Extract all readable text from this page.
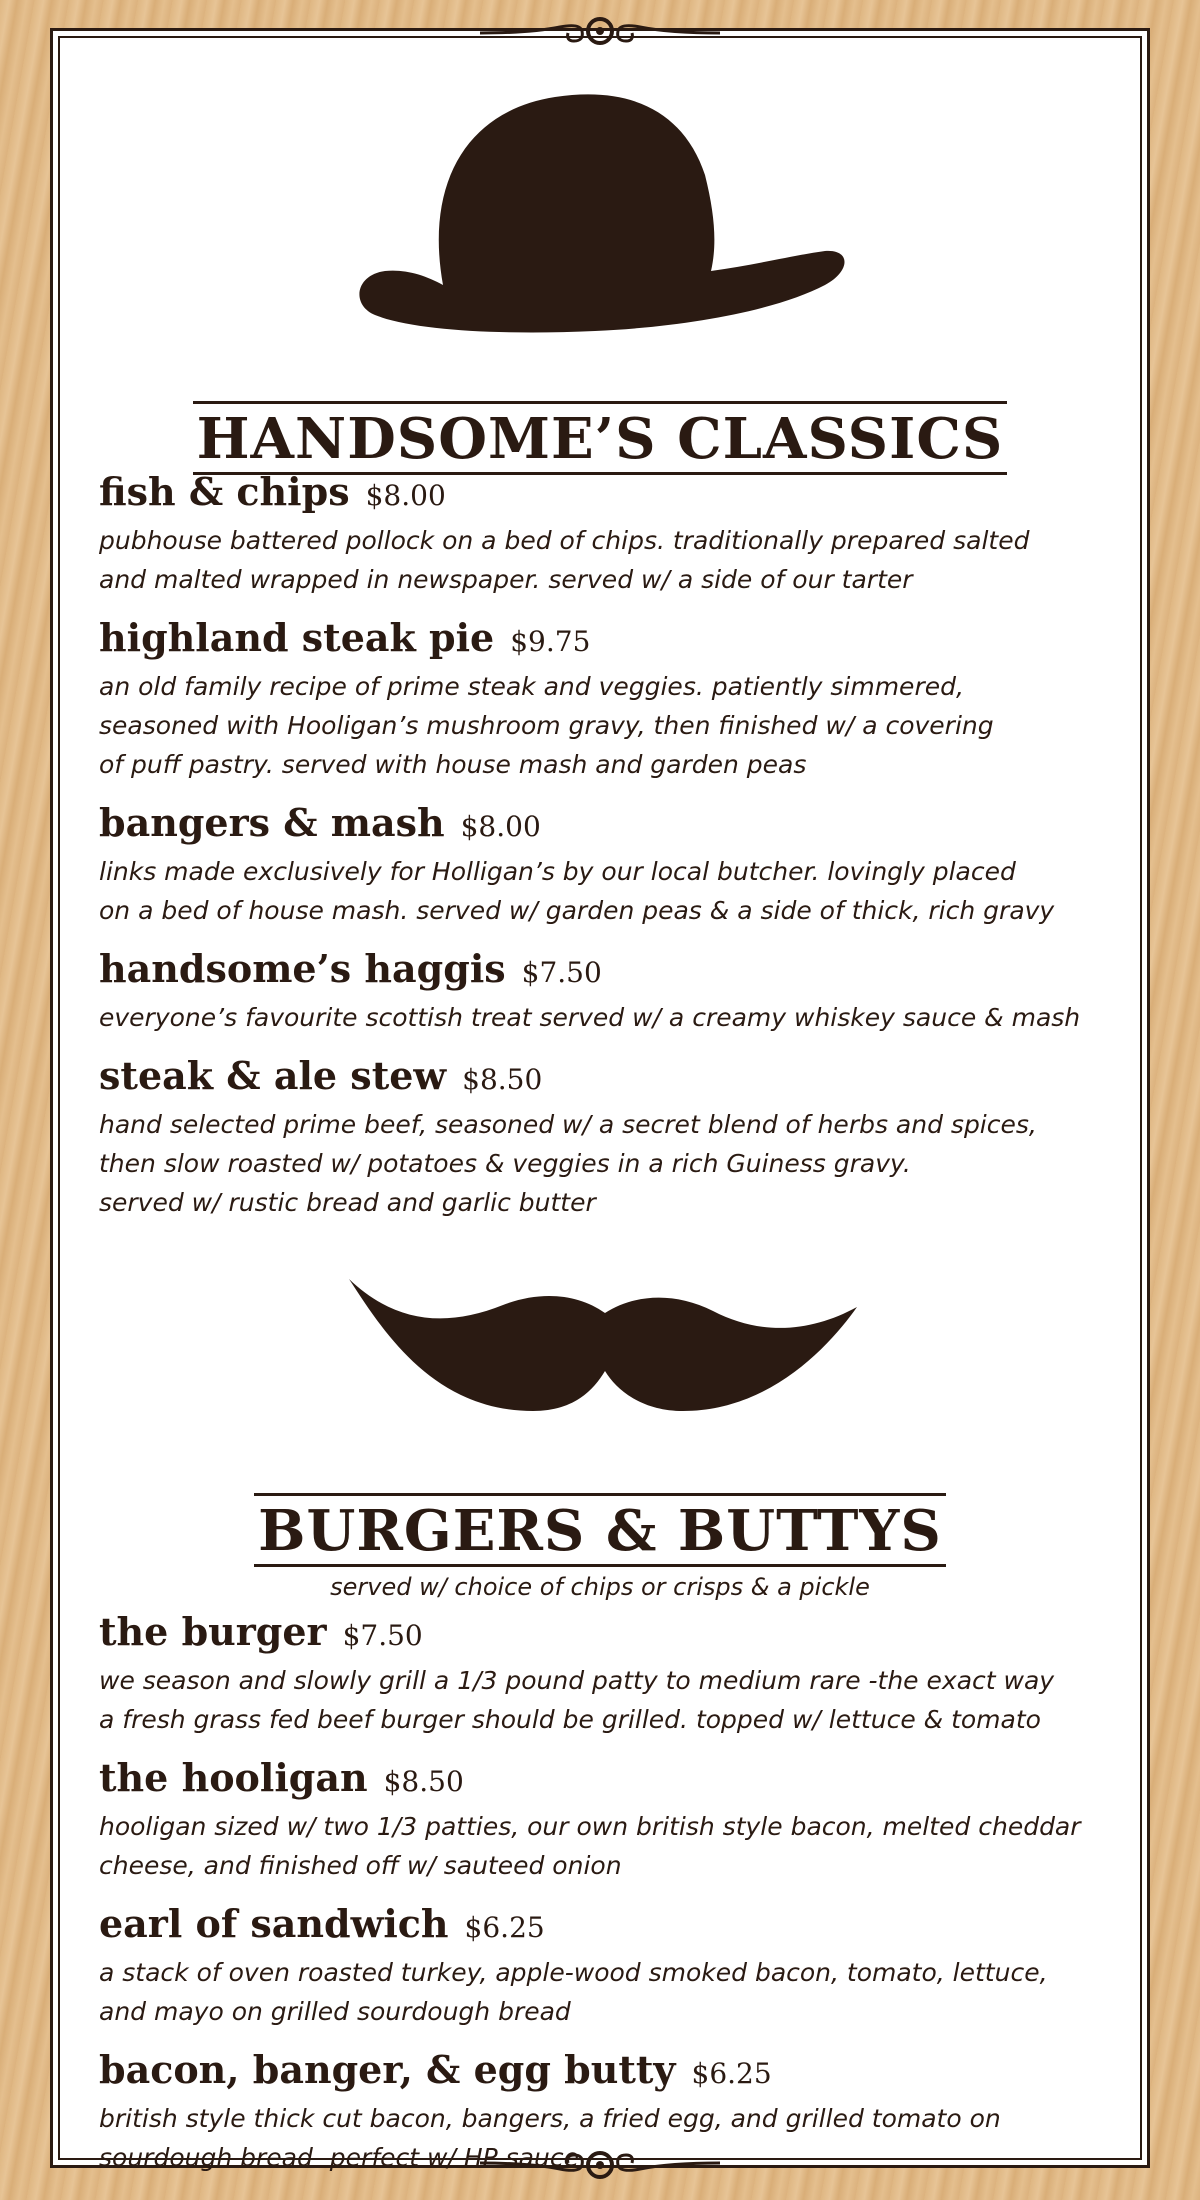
HANDSOME’S CLASSICS
fish & chips $8.00
pubhouse battered pollock on a bed of chips. traditionally prepared salted
and malted wrapped in newspaper. served w/ a side of our tarter
highland steak pie $9.75
an old family recipe of prime steak and veggies. patiently simmered,
seasoned with Hooligan’s mushroom gravy, then finished w/ a covering
of puff pastry. served with house mash and garden peas
bangers & mash $8.00
links made exclusively for Holligan’s by our local butcher. lovingly placed
on a bed of house mash. served w/ garden peas & a side of thick, rich gravy
handsome’s haggis $7.50
everyone’s favourite scottish treat served w/ a creamy whiskey sauce & mash
steak & ale stew $8.50
hand selected prime beef, seasoned w/ a secret blend of herbs and spices,
then slow roasted w/ potatoes & veggies in a rich Guiness gravy.
served w/ rustic bread and garlic butter
BURGERS & BUTTYS
served w/ choice of chips or crisps & a pickle
the burger $7.50
we season and slowly grill a 1/3 pound patty to medium rare -the exact way
a fresh grass fed beef burger should be grilled. topped w/ lettuce & tomato
the hooligan $8.50
hooligan sized w/ two 1/3 patties, our own british style bacon, melted cheddar
cheese, and finished off w/ sauteed onion
earl of sandwich $6.25
a stack of oven roasted turkey, apple-wood smoked bacon, tomato, lettuce,
and mayo on grilled sourdough bread
bacon, banger, & egg butty $6.25
british style thick cut bacon, bangers, a fried egg, and grilled tomato on
sourdough bread- perfect w/ HP sauce
